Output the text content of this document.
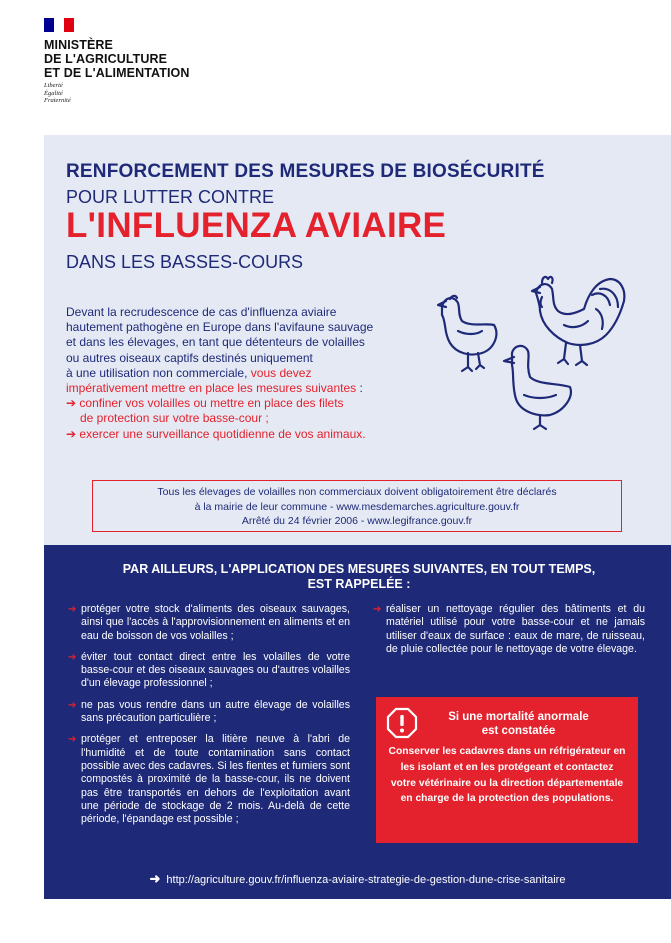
MINISTÈRE
DE L'AGRICULTURE
ET DE L'ALIMENTATION
Liberté
Égalité
Fraternité
RENFORCEMENT DES MESURES DE BIOSÉCURITÉ
POUR LUTTER CONTRE
L'INFLUENZA AVIAIRE
DANS LES BASSES-COURS
Devant la recrudescence de cas d'influenza aviaire
hautement pathogène en Europe dans l'avifaune sauvage
et dans les élevages, en tant que détenteurs de volailles
ou autres oiseaux captifs destinés uniquement
à une utilisation non commerciale, vous devez
impérativement mettre en place les mesures suivantes :
➔ confiner vos volailles ou mettre en place des filets
de protection sur votre basse-cour ;
➔ exercer une surveillance quotidienne de vos animaux.
Tous les élevages de volailles non commerciaux doivent obligatoirement être déclarés
à la mairie de leur commune - www.mesdemarches.agriculture.gouv.fr
Arrêté du 24 février 2006 - www.legifrance.gouv.fr
PAR AILLEURS, L'APPLICATION DES MESURES SUIVANTES, EN TOUT TEMPS,
EST RAPPELÉE :
➔ protéger votre stock d'aliments des oiseaux sauvages, ainsi que l'accès à l'approvisionnement en aliments et en eau de boisson de vos volailles ;
➔ éviter tout contact direct entre les volailles de votre basse-cour et des oiseaux sauvages ou d'autres volailles d'un élevage professionnel ;
➔ ne pas vous rendre dans un autre élevage de volailles sans précaution particulière ;
➔ protéger et entreposer la litière neuve à l'abri de l'humidité et de toute contamination sans contact possible avec des cadavres. Si les fientes et fumiers sont compostés à proximité de la basse-cour, ils ne doivent pas être transportés en dehors de l'exploitation avant une période de stockage de 2 mois. Au-delà de cette période, l'épandage est possible ;
➔ réaliser un nettoyage régulier des bâtiments et du matériel utilisé pour votre basse-cour et ne jamais utiliser d'eaux de surface : eaux de mare, de ruisseau, de pluie collectée pour le nettoyage de votre élevage.
Si une mortalité anormale
est constatée
Conserver les cadavres dans un réfrigérateur en les isolant et en les protégeant et contactez votre vétérinaire ou la direction départementale en charge de la protection des populations.
➜ http://agriculture.gouv.fr/influenza-aviaire-strategie-de-gestion-dune-crise-sanitaire
